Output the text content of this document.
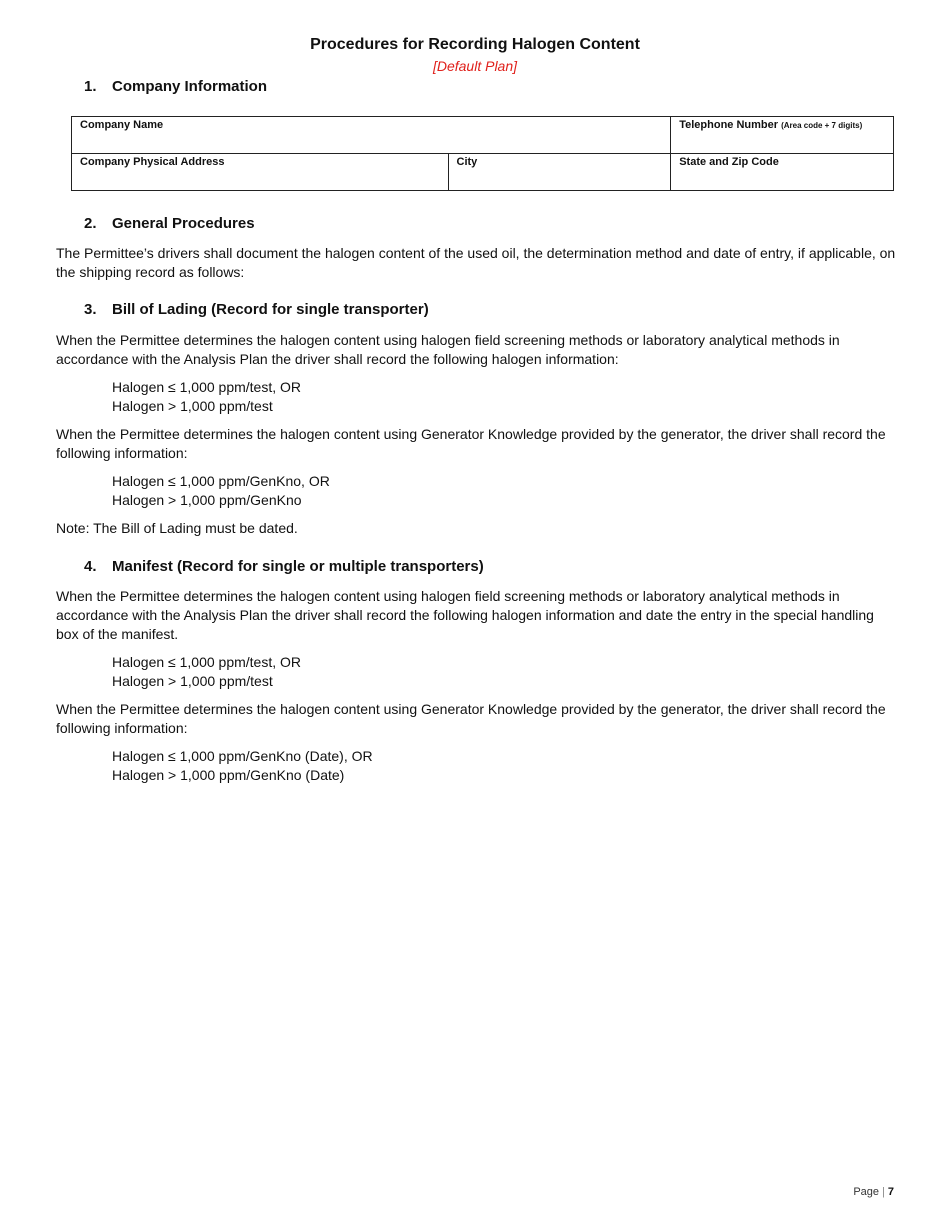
Procedures for Recording Halogen Content
[Default Plan]
1. Company Information
Company Name		Telephone Number (Area code + 7 digits)
Company Physical Address	City	State and Zip Code
2. General Procedures
The Permittee’s drivers shall document the halogen content of the used oil, the determination method and date of entry, if applicable, on the shipping record as follows:
3. Bill of Lading (Record for single transporter)
When the Permittee determines the halogen content using halogen field screening methods or laboratory analytical methods in accordance with the Analysis Plan the driver shall record the following halogen information:
Halogen ≤ 1,000 ppm/test, OR
Halogen > 1,000 ppm/test
When the Permittee determines the halogen content using Generator Knowledge provided by the generator, the driver shall record the following information:
Halogen ≤ 1,000 ppm/GenKno, OR
Halogen > 1,000 ppm/GenKno
Note: The Bill of Lading must be dated.
4. Manifest (Record for single or multiple transporters)
When the Permittee determines the halogen content using halogen field screening methods or laboratory analytical methods in accordance with the Analysis Plan the driver shall record the following halogen information and date the entry in the special handling box of the manifest.
Halogen ≤ 1,000 ppm/test, OR
Halogen > 1,000 ppm/test
When the Permittee determines the halogen content using Generator Knowledge provided by the generator, the driver shall record the following information:
Halogen ≤ 1,000 ppm/GenKno (Date), OR
Halogen > 1,000 ppm/GenKno (Date)
Page | 7
